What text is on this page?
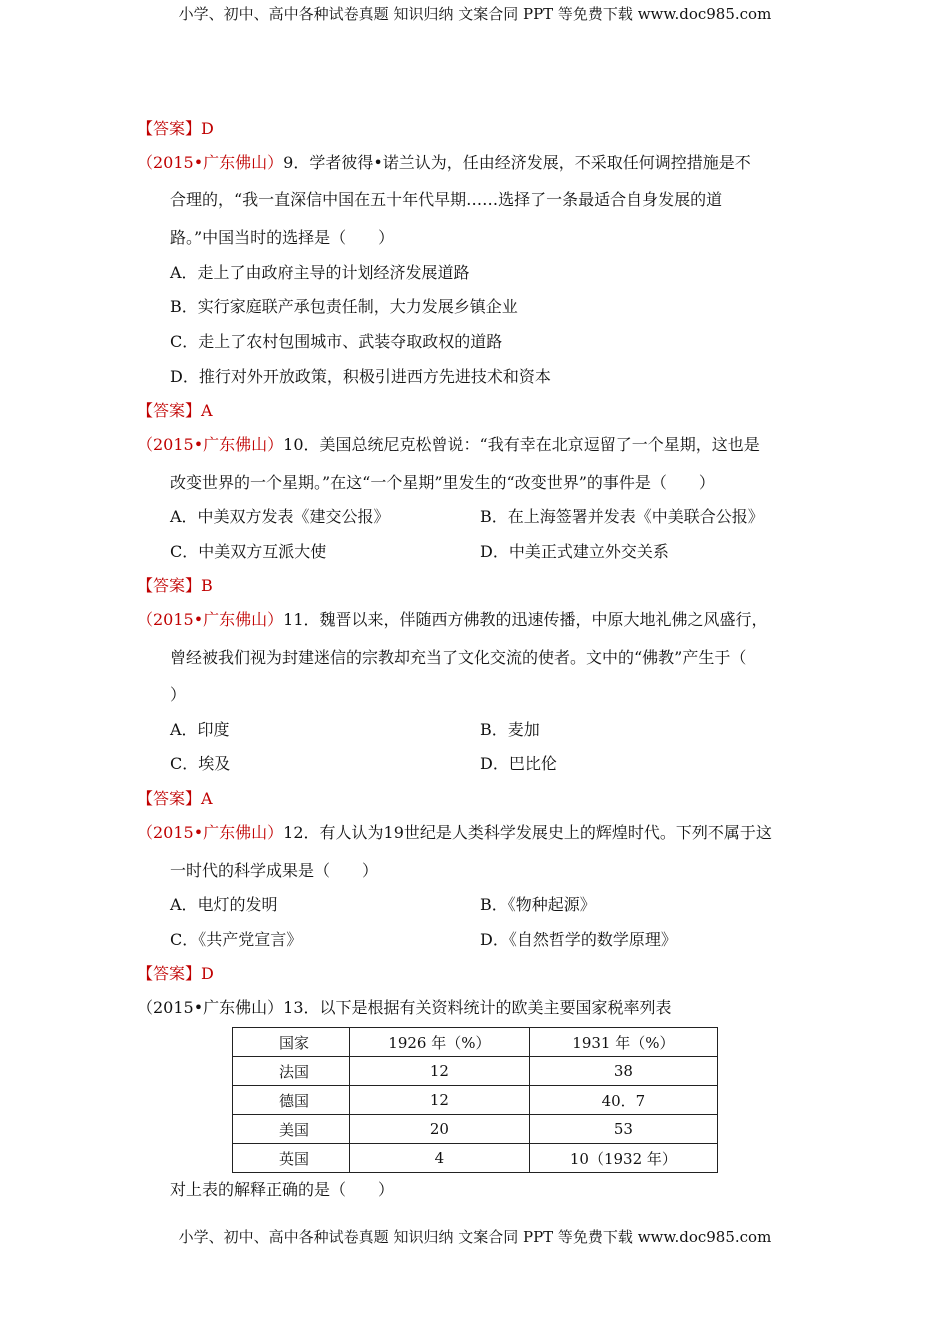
小学、初中、高中各种试卷真题 知识归纳 文案合同 PPT 等免费下载 www.doc985.com
【答案】D
（2015•广东佛山）9．学者彼得•诺兰认为，任由经济发展，不采取任何调控措施是不
合理的，“我一直深信中国在五十年代早期……选择了一条最适合自身发展的道
路。”中国当时的选择是（　　）
A．走上了由政府主导的计划经济发展道路
B．实行家庭联产承包责任制，大力发展乡镇企业
C．走上了农村包围城市、武装夺取政权的道路
D．推行对外开放政策，积极引进西方先进技术和资本
【答案】A
（2015•广东佛山）10．美国总统尼克松曾说：“我有幸在北京逗留了一个星期，这也是
改变世界的一个星期。”在这“一个星期”里发生的“改变世界”的事件是（　　）
A．中美双方发表《建交公报》	B．在上海签署并发表《中美联合公报》
C．中美双方互派大使	D．中美正式建立外交关系
【答案】B
（2015•广东佛山）11．魏晋以来，伴随西方佛教的迅速传播，中原大地礼佛之风盛行，
曾经被我们视为封建迷信的宗教却充当了文化交流的使者。文中的“佛教”产生于（
）
A．印度	B．麦加
C．埃及	D．巴比伦
【答案】A
（2015•广东佛山）12．有人认为19世纪是人类科学发展史上的辉煌时代。下列不属于这
一时代的科学成果是（　　）
A．电灯的发明	B．《物种起源》
C．《共产党宣言》	D．《自然哲学的数学原理》
【答案】D
（2015•广东佛山）13．以下是根据有关资料统计的欧美主要国家税率列表
国家	1926 年（%）	1931 年（%）
法国	12	38
德国	12	40．7
美国	20	53
英国	4	10（1932 年）
对上表的解释正确的是（　　）
小学、初中、高中各种试卷真题 知识归纳 文案合同 PPT 等免费下载 www.doc985.com
